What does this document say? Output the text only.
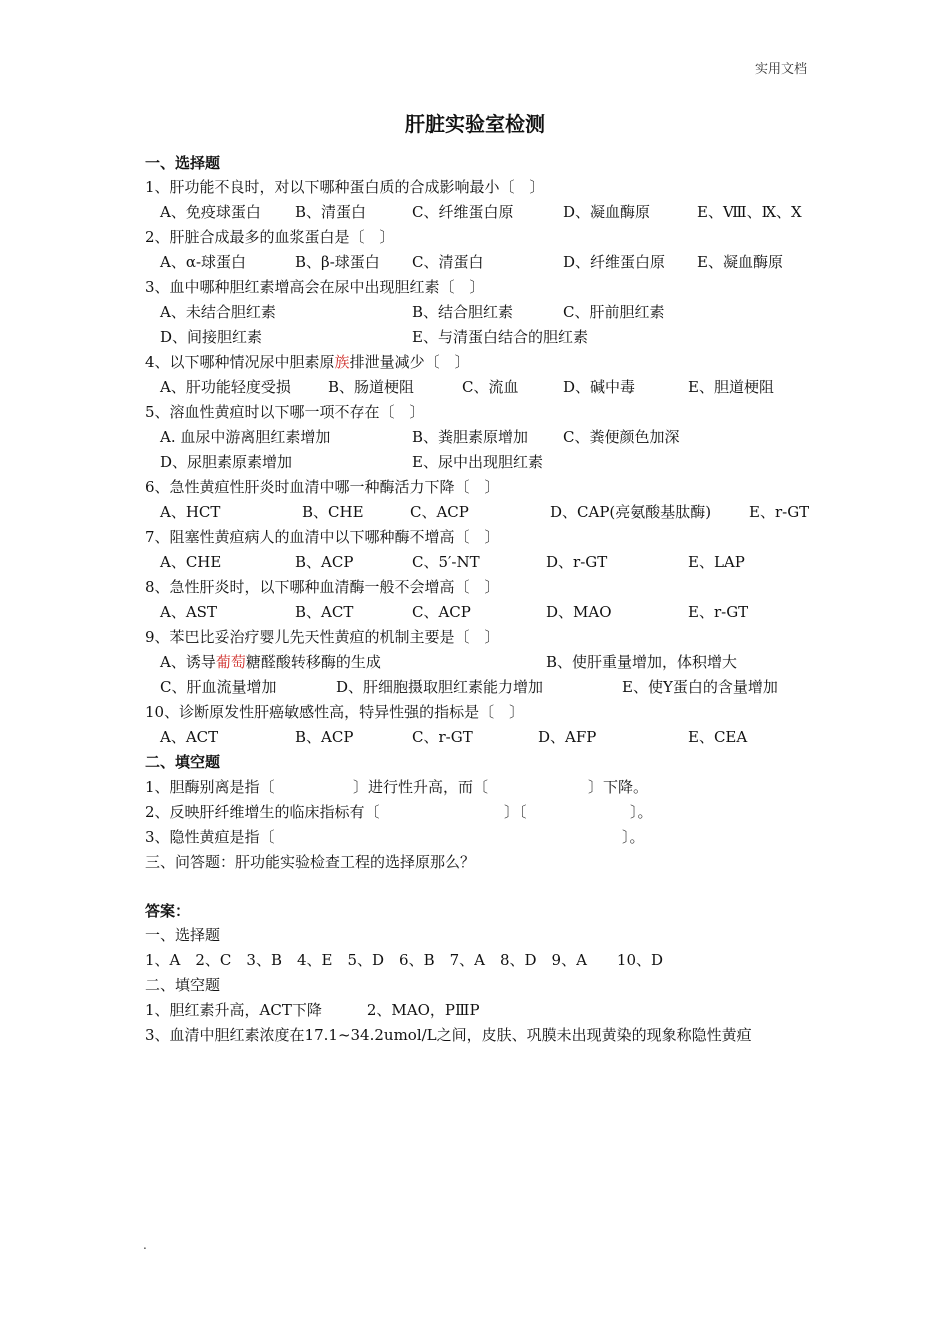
实用文档
肝脏实验室检测
一、选择题
1、肝功能不良时，对以下哪种蛋白质的合成影响最小〔　〕
A、免疫球蛋白 B、清蛋白	C、纤维蛋白原	D、凝血酶原	E、Ⅷ、Ⅸ、Ⅹ
2、肝脏合成最多的血浆蛋白是〔　〕
A、α-球蛋白	B、β-球蛋白 C、清蛋白	D、纤维蛋白原 E、凝血酶原
3、血中哪种胆红素增高会在尿中出现胆红素〔　〕
A、未结合胆红素	B、结合胆红素	C、肝前胆红素
D、间接胆红素	E、与清蛋白结合的胆红素
4、以下哪种情况尿中胆素原族排泄量减少〔　〕
A、肝功能轻度受损 B、肠道梗阻	C、流血	D、碱中毒	E、胆道梗阻
5、溶血性黄疸时以下哪一项不存在〔　〕
A. 血尿中游离胆红素增加	B、粪胆素原增加 C、粪便颜色加深
D、尿胆素原素增加	E、尿中出现胆红素
6、急性黄疸性肝炎时血清中哪一种酶活力下降〔　〕
A、HCT	B、CHE	C、ACP	D、CAP(亮氨酸基肽酶)	E、r-GT
7、阻塞性黄疸病人的血清中以下哪种酶不增高〔　〕
A、CHE	B、ACP	C、5′-NT	D、r-GT	E、LAP
8、急性肝炎时，以下哪种血清酶一般不会增高〔　〕
A、AST	B、ACT	C、ACP	D、MAO	E、r-GT
9、苯巴比妥治疗婴儿先天性黄疸的机制主要是〔　〕
A、诱导葡萄糖醛酸转移酶的生成	B、使肝重量增加，体积增大
C、肝血流量增加	D、肝细胞摄取胆红素能力增加	E、使Y蛋白的含量增加
10、诊断原发性肝癌敏感性高，特异性强的指标是〔　〕
A、ACT	B、ACP	C、r-GT	D、AFP	E、CEA
二、填空题
1、胆酶别离是指〔	〕进行性升高，而〔	〕下降。
2、反映肝纤维增生的临床指标有〔	〕〔	〕。
3、隐性黄疸是指〔	〕。
三、问答题：肝功能实验检查工程的选择原那么？
答案：
一、选择题
1、A　2、C　3、B　4、E　5、D　6、B　7、A　8、D　9、A　　10、D
二、填空题
1、胆红素升高，ACT下降　　　2、MAO，PⅢP
3、血清中胆红素浓度在17.1~34.2umol/L之间，皮肤、巩膜未出现黄染的现象称隐性黄疸
.
